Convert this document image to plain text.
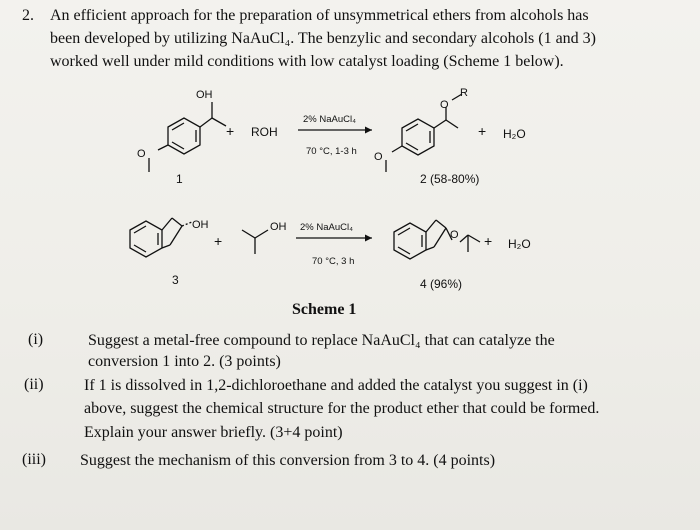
2. An efficient approach for the preparation of unsymmetrical ethers from alcohols has
been developed by utilizing NaAuCl₄. The benzylic and secondary alcohols (1 and 3)
worked well under mild conditions with low catalyst loading (Scheme 1 below).
OH
O
1
+ ROH
2% NaAuCl₄
70 °C, 1-3 h
O
R
O
+ H₂O
2 (58-80%)
OH
3
+
OH 2% NaAuCl₄
70 °C, 3 h
O + H₂O
4 (96%)
Scheme 1
(i)	Suggest a metal-free compound to replace NaAuCl₄ that can catalyze the
conversion 1 into 2. (3 points)
(ii)	If 1 is dissolved in 1,2-dichloroethane and added the catalyst you suggest in (i)
above, suggest the chemical structure for the product ether that could be formed.
Explain your answer briefly. (3+4 point)
(iii) Suggest the mechanism of this conversion from 3 to 4. (4 points)
